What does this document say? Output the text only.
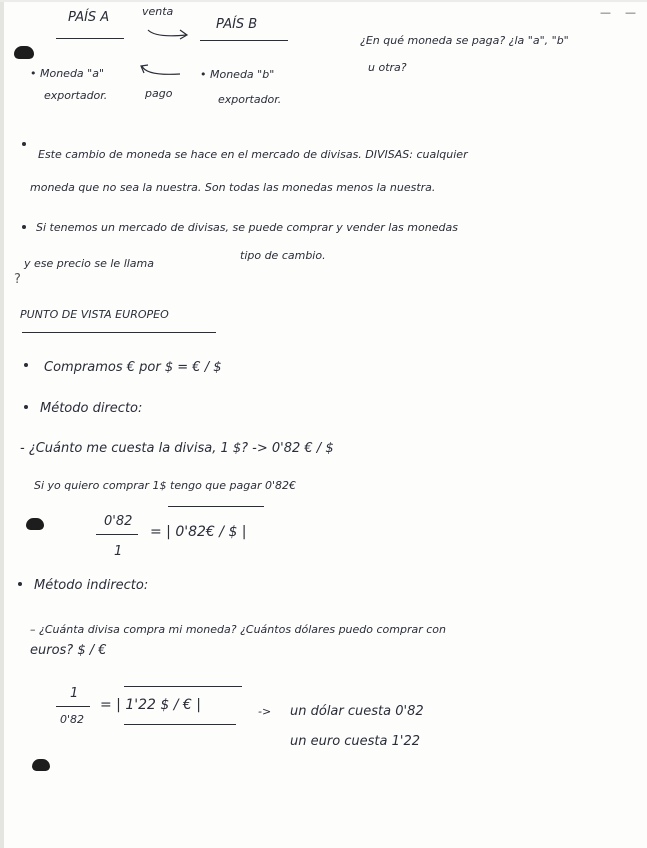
— —
PAÍS A	venta
PAÍS B
¿En qué moneda se paga? ¿la "a", "b"
u otra?
• Moneda "a"
exportador.	pago
• Moneda "b"
exportador.
Este cambio de moneda se hace en el mercado de divisas. DIVISAS: cualquier
moneda que no sea la nuestra. Son todas las monedas menos la nuestra.
Si tenemos un mercado de divisas, se puede comprar y vender las monedas
tipo de cambio.
y ese precio se le llama
?
PUNTO DE VISTA EUROPEO
Compramos € por $ = € / $
Método directo:
- ¿Cuánto me cuesta la divisa, 1 $? -> 0'82 € / $
Si yo quiero comprar 1$ tengo que pagar 0'82€
0'82
1
= | 0'82€ / $ |
Método indirecto:
– ¿Cuánta divisa compra mi moneda? ¿Cuántos dólares puedo comprar con
euros? $ / €
1
0'82
= | 1'22 $ / € |	-> un dólar cuesta 0'82
un euro cuesta 1'22
